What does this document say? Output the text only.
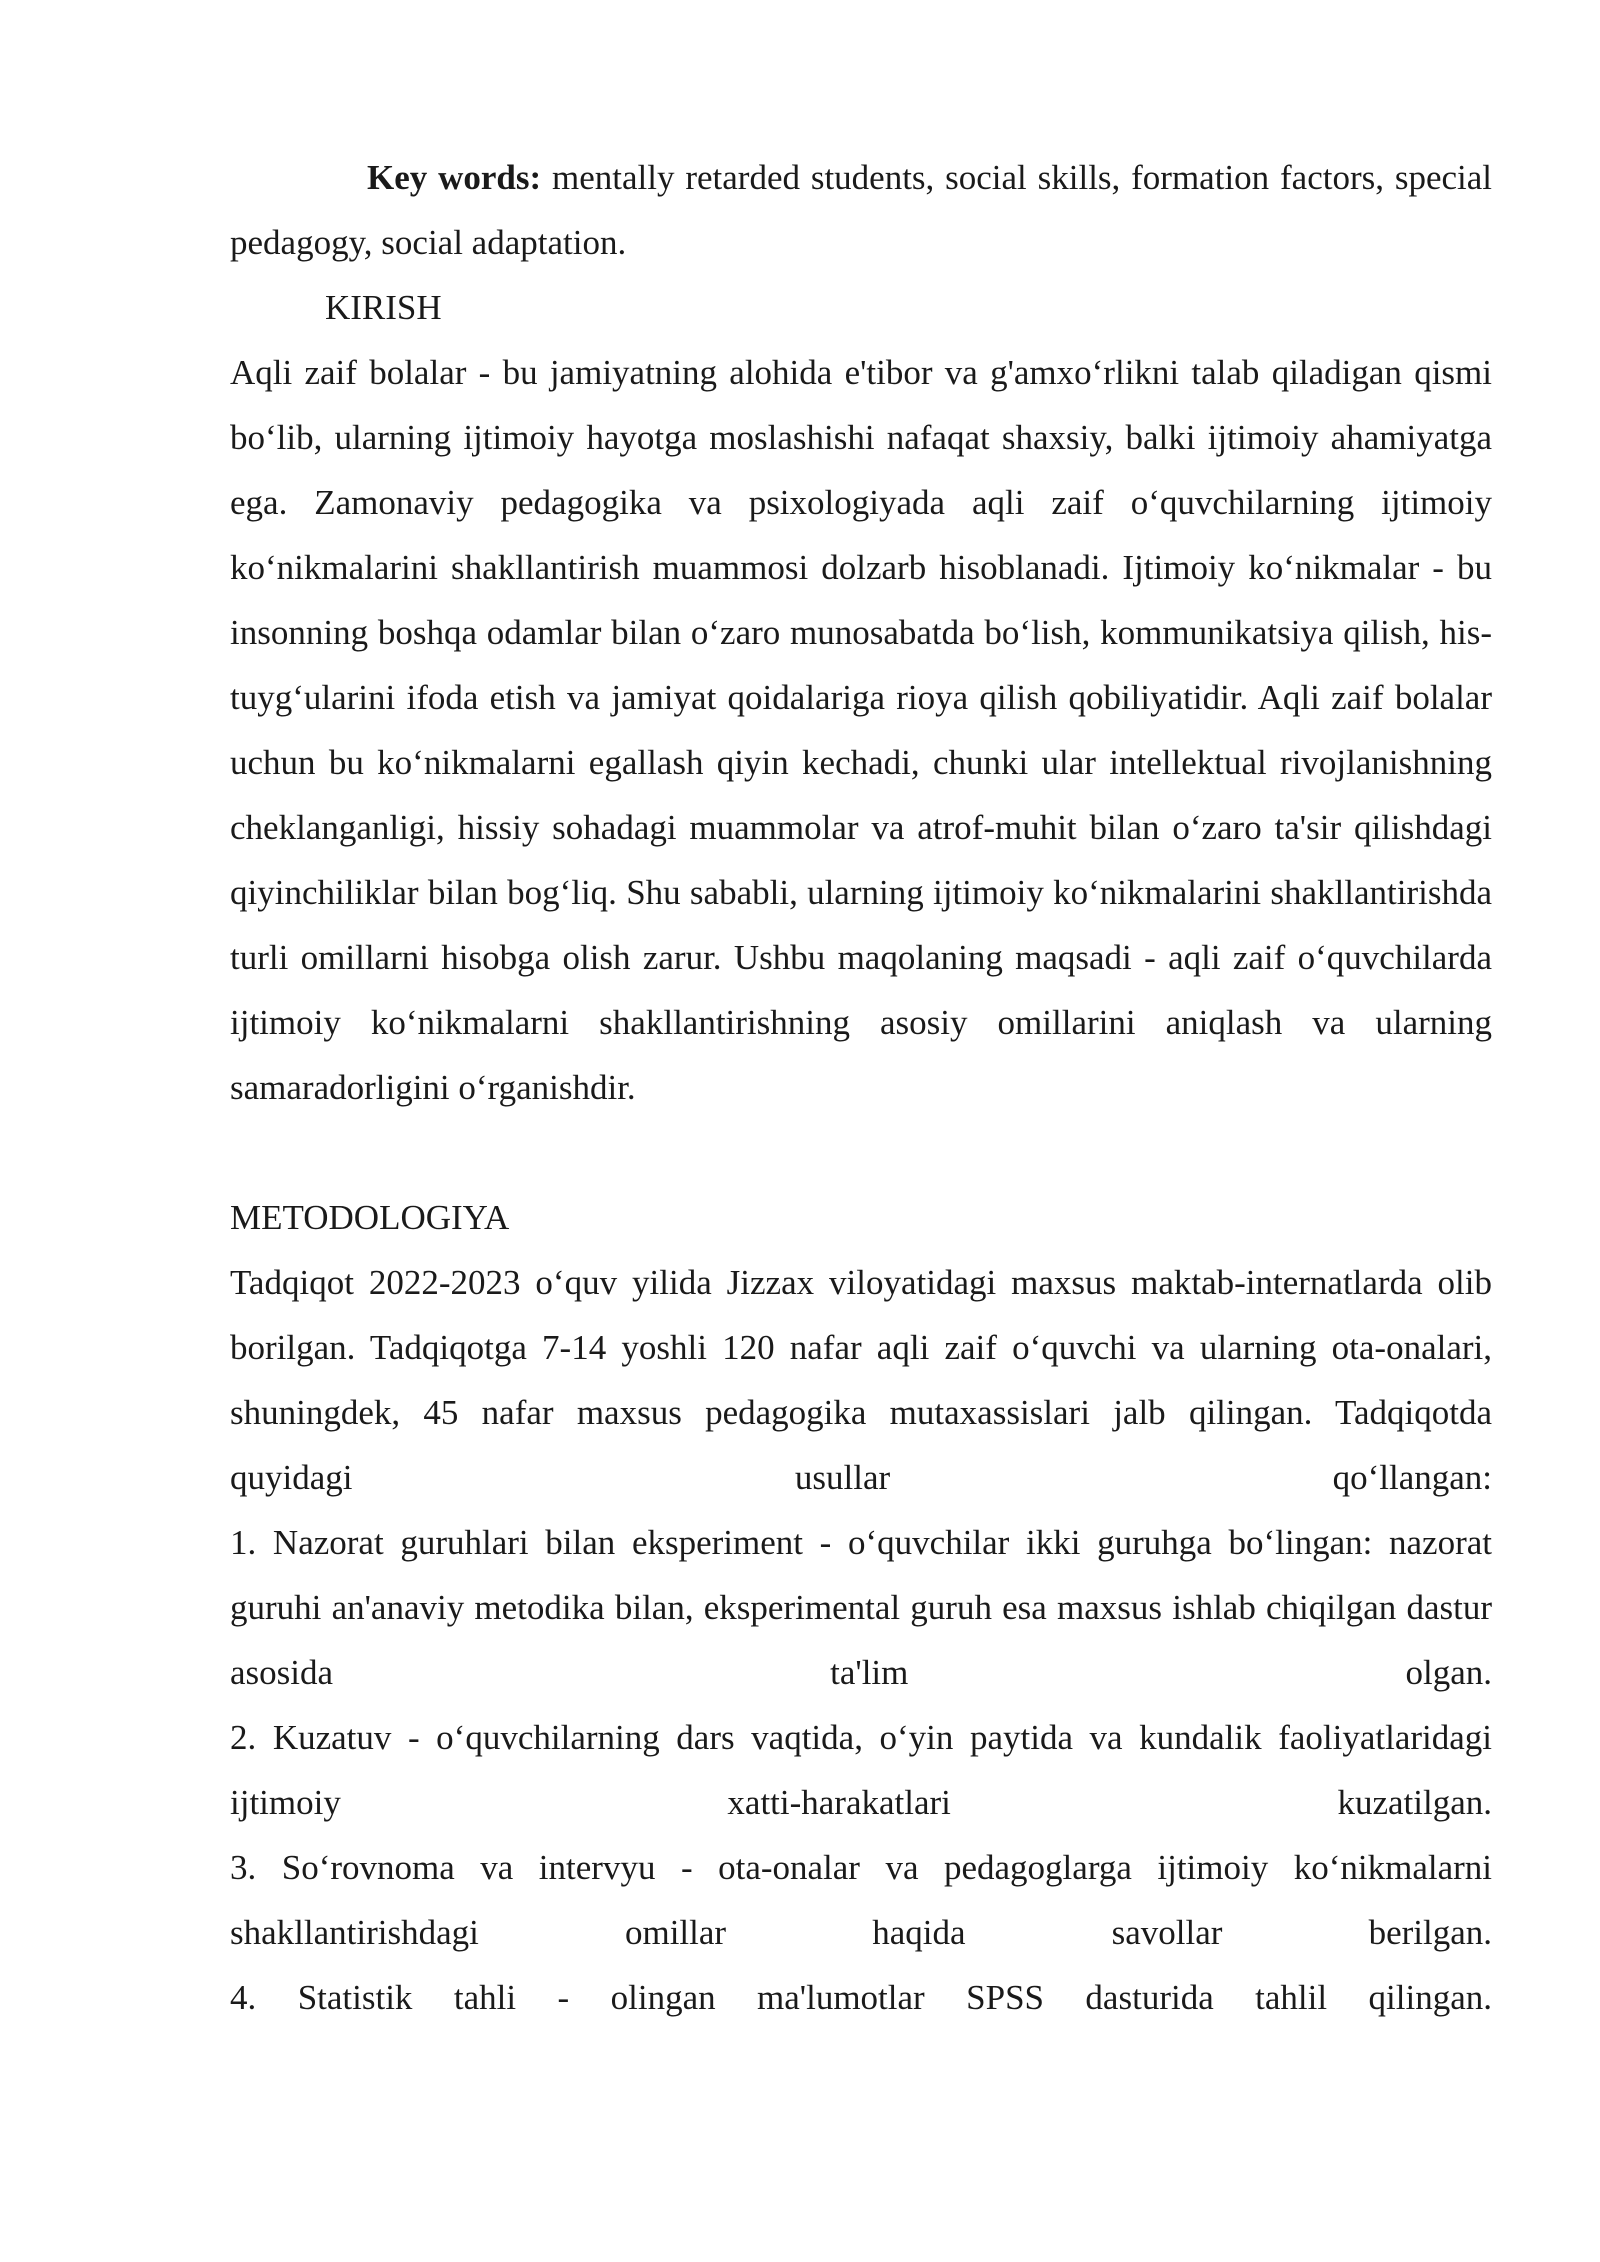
Key words: mentally retarded students, social skills, formation factors, special pedagogy, social adaptation.

KIRISH

Aqli zaif bolalar - bu jamiyatning alohida e'tibor va g'amxo‘rlikni talab qiladigan qismi bo‘lib, ularning ijtimoiy hayotga moslashishi nafaqat shaxsiy, balki ijtimoiy ahamiyatga ega. Zamonaviy pedagogika va psixologiyada aqli zaif o‘quvchilarning ijtimoiy ko‘nikmalarini shakllantirish muammosi dolzarb hisoblanadi. Ijtimoiy ko‘nikmalar - bu insonning boshqa odamlar bilan o‘zaro munosabatda bo‘lish, kommunikatsiya qilish, his-tuyg‘ularini ifoda etish va jamiyat qoidalariga rioya qilish qobiliyatidir. Aqli zaif bolalar uchun bu ko‘nikmalarni egallash qiyin kechadi, chunki ular intellektual rivojlanishning cheklanganligi, hissiy sohadagi muammolar va atrof-muhit bilan o‘zaro ta'sir qilishdagi qiyinchiliklar bilan bog‘liq. Shu sababli, ularning ijtimoiy ko‘nikmalarini shakllantirishda turli omillarni hisobga olish zarur. Ushbu maqolaning maqsadi - aqli zaif o‘quvchilarda ijtimoiy ko‘nikmalarni shakllantirishning asosiy omillarini aniqlash va ularning samaradorligini o‘rganishdir.

METODOLOGIYA

Tadqiqot 2022-2023 o‘quv yilida Jizzax viloyatidagi maxsus maktab-internatlarda olib borilgan. Tadqiqotga 7-14 yoshli 120 nafar aqli zaif o‘quvchi va ularning ota-onalari, shuningdek, 45 nafar maxsus pedagogika mutaxassislari jalb qilingan. Tadqiqotda quyidagi usullar qo‘llangan:

1. Nazorat guruhlari bilan eksperiment - o‘quvchilar ikki guruhga bo‘lingan: nazorat guruhi an'anaviy metodika bilan, eksperimental guruh esa maxsus ishlab chiqilgan dastur asosida ta'lim olgan.

2. Kuzatuv - o‘quvchilarning dars vaqtida, o‘yin paytida va kundalik faoliyatlaridagi ijtimoiy xatti-harakatlari kuzatilgan.

3. So‘rovnoma va intervyu - ota-onalar va pedagoglarga ijtimoiy ko‘nikmalarni shakllantirishdagi omillar haqida savollar berilgan.

4. Statistik tahli - olingan ma'lumotlar SPSS dasturida tahlil qilingan.
